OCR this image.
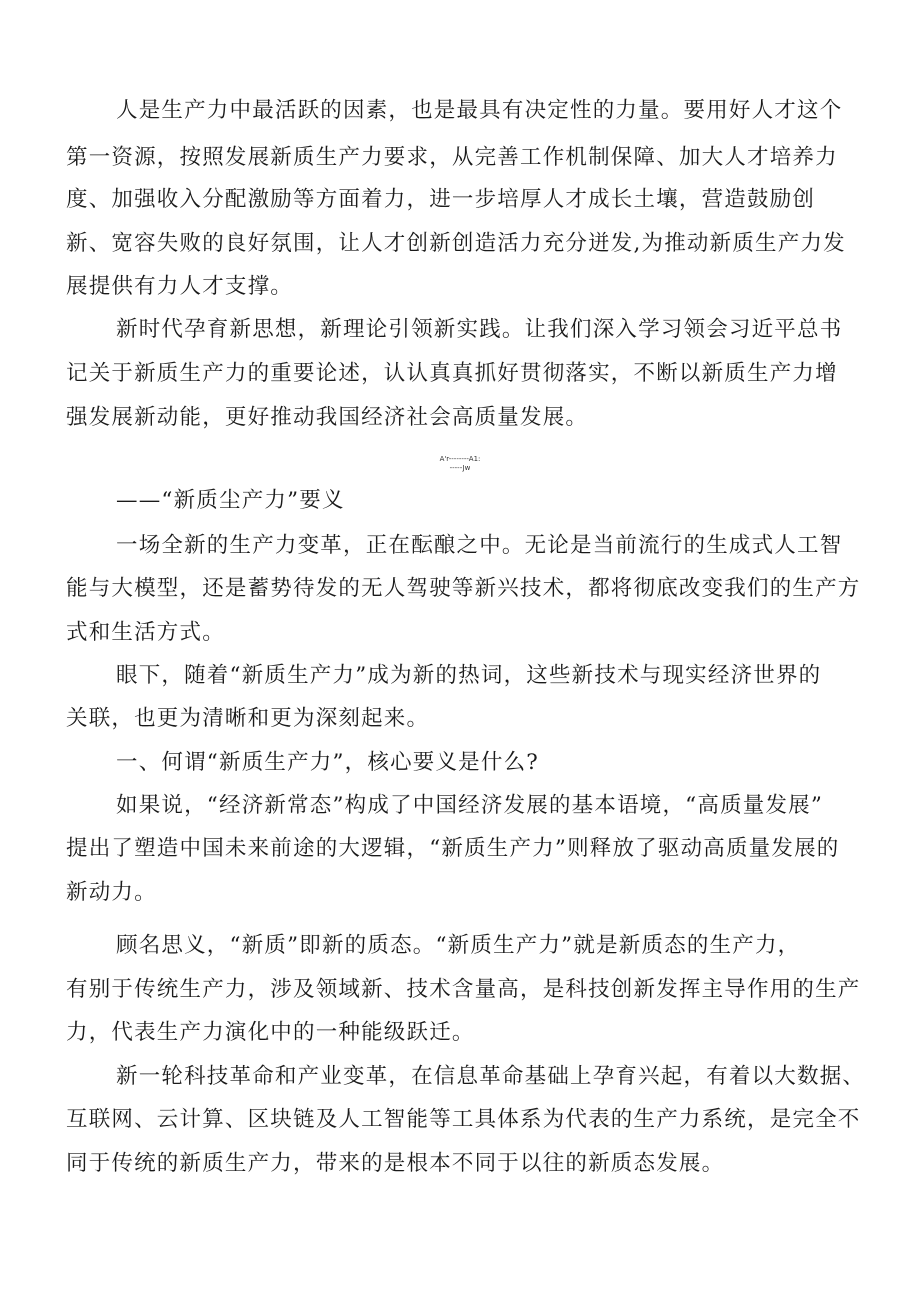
人是生产力中最活跃的因素，也是最具有决定性的力量。要用好人才这个
第一资源，按照发展新质生产力要求，从完善工作机制保障、加大人才培养力
度、加强收入分配激励等方面着力，进一步培厚人才成长土壤，营造鼓励创
新、宽容失败的良好氛围，让人才创新创造活力充分迸发,为推动新质生产力发
展提供有力人才支撑。
新时代孕育新思想，新理论引领新实践。让我们深入学习领会习近平总书
记关于新质生产力的重要论述，认认真真抓好贯彻落实，不断以新质生产力增
强发展新动能，更好推动我国经济社会高质量发展。
A'r--------A1:
-----Jw
——“新质尘产力”要义
一场全新的生产力变革，正在酝酿之中。无论是当前流行的生成式人工智
能与大模型，还是蓄势待发的无人驾驶等新兴技术，都将彻底改变我们的生产方
式和生活方式。
眼下，随着“新质生产力”成为新的热词，这些新技术与现实经济世界的
关联，也更为清晰和更为深刻起来。
一、何谓“新质生产力”，核心要义是什么?
如果说，“经济新常态”构成了中国经济发展的基本语境，“高质量发展”
提出了塑造中国未来前途的大逻辑，“新质生产力”则释放了驱动高质量发展的
新动力。
顾名思义，“新质”即新的质态。“新质生产力”就是新质态的生产力，
有别于传统生产力，涉及领域新、技术含量高，是科技创新发挥主导作用的生产
力，代表生产力演化中的一种能级跃迁。
新一轮科技革命和产业变革，在信息革命基础上孕育兴起，有着以大数据、
互联网、云计算、区块链及人工智能等工具体系为代表的生产力系统，是完全不
同于传统的新质生产力，带来的是根本不同于以往的新质态发展。
